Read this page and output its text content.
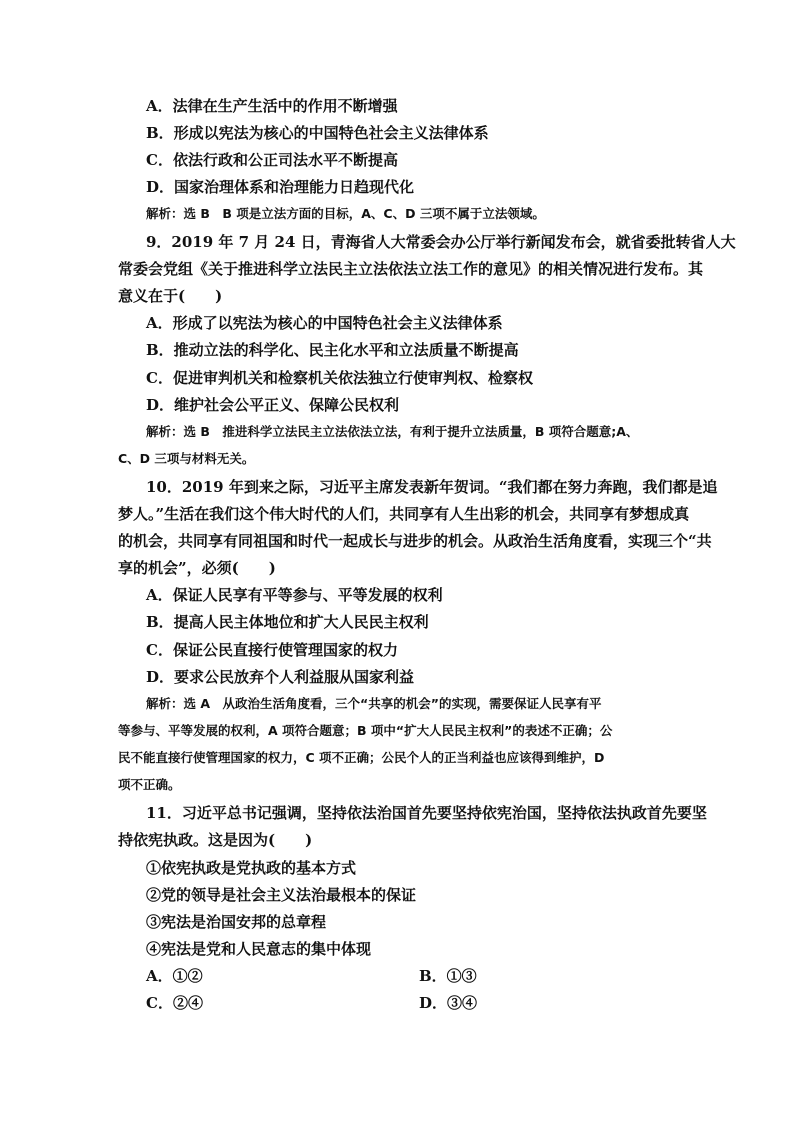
A．法律在生产生活中的作用不断增强
B．形成以宪法为核心的中国特色社会主义法律体系
C．依法行政和公正司法水平不断提高
D．国家治理体系和治理能力日趋现代化
解析：选 B　B 项是立法方面的目标，A、C、D 三项不属于立法领域。
9．2019 年 7 月 24 日，青海省人大常委会办公厅举行新闻发布会，就省委批转省人大
常委会党组《关于推进科学立法民主立法依法立法工作的意见》的相关情况进行发布。其
意义在于(　　)
A．形成了以宪法为核心的中国特色社会主义法律体系
B．推动立法的科学化、民主化水平和立法质量不断提高
C．促进审判机关和检察机关依法独立行使审判权、检察权
D．维护社会公平正义、保障公民权利
解析：选 B　推进科学立法民主立法依法立法，有利于提升立法质量，B 项符合题意;A、
C、D 三项与材料无关。
10．2019 年到来之际，习近平主席发表新年贺词。“我们都在努力奔跑，我们都是追
梦人。”生活在我们这个伟大时代的人们，共同享有人生出彩的机会，共同享有梦想成真
的机会，共同享有同祖国和时代一起成长与进步的机会。从政治生活角度看，实现三个“共
享的机会”，必须(　　)
A．保证人民享有平等参与、平等发展的权利
B．提高人民主体地位和扩大人民民主权利
C．保证公民直接行使管理国家的权力
D．要求公民放弃个人利益服从国家利益
解析：选 A　从政治生活角度看，三个“共享的机会”的实现，需要保证人民享有平
等参与、平等发展的权利，A 项符合题意；B 项中“扩大人民民主权利”的表述不正确；公
民不能直接行使管理国家的权力，C 项不正确；公民个人的正当利益也应该得到维护，D
项不正确。
11．习近平总书记强调，坚持依法治国首先要坚持依宪治国，坚持依法执政首先要坚
持依宪执政。这是因为(　　)
①依宪执政是党执政的基本方式
②党的领导是社会主义法治最根本的保证
③宪法是治国安邦的总章程
④宪法是党和人民意志的集中体现
A．①②	B．①③
C．②④	D．③④
